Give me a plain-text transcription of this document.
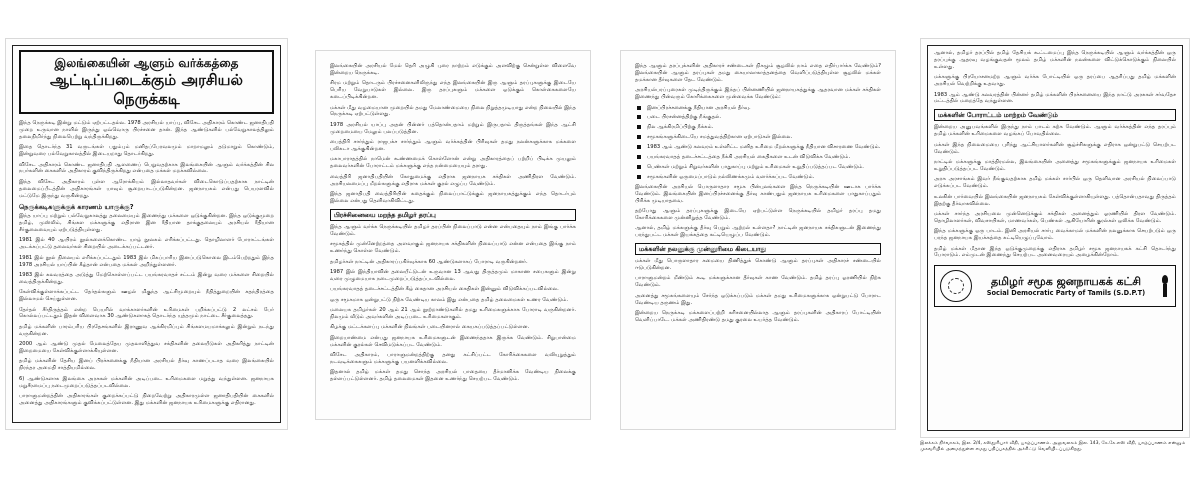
இலங்கையின் ஆளும் வர்க்கத்தை
ஆட்டிப்படைக்கும் அரசியல் நெருக்கடி

இந்த நெருக்கடி இன்று மட்டும் ஏற்பட்டதல்ல. 1978 அரசியல் யாப்பு, விசேட அதிகாரம் கொண்ட ஜனாதிபதி முறை உருவான நாளில் இருந்து ஒவ்வொரு பிரச்சனை தான். இந்த ஆண்டுகளில் பல்வேறுகாலத்திலும் தலைநிமிர்ந்து நிலைபெற்று வந்திருக்கிறது.

இதை தொடர்ந்த 31 வருடங்கள் பதும்பும் மனிதப்பேரவலமும் மாறாமலும் தடுமாறும் கொண்டும், இன்றுவரை பல்வேறுகாலத்தில் இடையறாது தொடர்கிறது.

விசேட அதிகாரம் கொண்ட ஜனாதிபதி ஆளணைப் பெறுவதற்காக இலங்கையின் ஆளும் வர்க்கத்தின் சில நபர்களின் கைகளில் அதிகாரம் குவிந்திருக்கிறது என்பதை மக்கள் மறக்கவில்லை.

இந்த விசேட அதிகாரம் புள்ள ஆரோக்கியம் இல்லாதவர்கள் விடைகொடுப்பதற்காக நாட்டின் தலைமைப்பீடத்தின் அதிகாரங்கள் யாவும் சூறையாடப்படுகின்றன. ஜனநாயகம் என்பது பெயரளவில் மட்டுமே இருந்து வருகின்றது.

நெருக்கடிகளுக்குக் காரணம் யாருக்கு?

இந்த யாப்பு மற்றும் பல்வேறுகாலத்து தலைமையும் இணைந்து மக்களை ஒடுக்குகின்றன. இந்த ஒடுக்குமுறை தமிழ், முஸ்லிம், சிங்கள மக்களுக்கு எதிரான இன ரீதியான தாக்குதலையும் அரசியல் ரீதியான சீர்குலைவையும் ஏற்படுத்தியுள்ளது.

1981 இல் 40 ஆயிரம் நூல்களைக்கொண்ட யாழ் நூலகம் எரிக்கப்பட்டது. தொழிலாளர் போராட்டங்கள் அடக்கப்பட்டு தலைவர்கள் சிறையில் அடைக்கப்பட்டனர்.

1981 இல் நூல் நிலையம் எரிக்கப்பட்டதும் 1983 இல் மிகப்பாரிய இனப்படுகொலை இடம்பெற்றதும் இந்த 1978 அரசியல் யாப்பின் கீழ்தான் என்பதை மக்கள் அறிந்துள்ளனர்.

1983 இல் கலவரத்தை அடுத்து மேற்கொள்ளப்பட்ட பயங்கரவாதச் சட்டம் இன்று வரை மக்களை சிறையில் வைத்திருக்கின்றது.

கேள்விக்குள்ளாக்கப்பட்ட தேர்தல்களும் ஊழல் மிகுந்த ஆட்சிமுறையும் நீதித்துறையின் சுதந்திரத்தை இல்லாமல் செய்துள்ளன.

தேர்தல் சீர்திருத்தம் என்ற பெயரில் வாக்காளர்களின் உரிமைகள் பறிக்கப்பட்டு 2 லட்சம் பேர் கொல்லப்பட்டதும் இதன் விளைவாக 30 ஆண்டுகளாகத் தொடர்ந்த யுத்தமும் நாட்டை சீர்குலைத்தது.

தமிழ் மக்களின் பாரம்பரிய பிரதேசங்களில் இராணுவ ஆக்கிரமிப்பும் சிங்களமயமாக்கலும் இன்றும் நடந்து வருகின்றன.

2000 ஆம் ஆண்டு முதல் மேலைத்தேய முதலாளித்துவ சக்திகளின் தலையீடுகள் அதிகரித்து நாட்டின் இறைமையை கேள்விக்குள்ளாக்கியுள்ளன.

தமிழ் மக்களின் தேசிய இனப் பிரச்சனைக்கு நீதியான அரசியல் தீர்வு காணப்படாத வரை இலங்கையில் நிரந்தர அமைதி சாத்தியமில்லை.

6) ஆண்டுகளாக இலங்கை அரசுகள் மக்களின் அடிப்படை உரிமைகளை மறுத்து வந்துள்ளன. ஜனநாயக மறுசீரமைப்பு நடைமுறைப்படுத்தப்படவில்லை.

பாராளுமன்றத்தின் அதிகாரங்கள் குறைக்கப்பட்டு நிறைவேற்று அதிகாரமுள்ள ஜனாதிபதியின் கைகளில் அனைத்து அதிகாரங்களும் குவிக்கப்பட்டுள்ளன. இது மக்களின் ஜனநாயக உரிமைகளுக்கு எதிரானது.

இலங்கையின் அரசியல் மேல் தெரி அழுகி புரை நாற்றம் எடுக்கும் அளவிற்கு சென்றுள்ள விளைவே இன்றைய நெருக்கடி.

சிரம மற்றும் தொடரும் பிரச்சனைகளிலிருந்து எந்த இலங்கையின் இரு ஆளும் தரப்புகளுக்கு இடையே பெரிய வேறுபாடுகள் இல்லை. இரு தரப்புகளும் மக்களை ஒடுக்கும் கொள்கைகளையே கடைப்பிடிக்கின்றன.

மக்கள் மீது வழமையான முறையில் தமது மேலாண்மையை நிலை நிறுத்தமுடியாது என்ற நிலையில் இந்த நெருக்கடி ஏற்பட்டுள்ளது.

1978 அரசியல் யாப்பு அதன் பின்னர் பத்தொன்பதாம் மற்றும் இருபதாம் திருத்தங்கள் இந்த ஆட்சி முறைமையை மேலும் பலப்படுத்தின.

பைத்திரி சார்ந்தும் ராஜபக்ச சார்ந்தும் ஆளும் வர்க்கத்தின் பிரிவுகள் தமது நலன்களுக்காக மக்களை பலிகடா ஆக்குகின்றன.

மகாபாராதத்தில் நாமென் கூண்ணமைக் கொள்ளோன் என்று அதிகாரத்தைப் பற்றிப் பிடிக்க முயலும் தலைவர்களின் போராட்டம் மக்களுக்கு எந்த நன்மையையும் தராது.

வைத்திரி ஜனாதிபதியின் கோதுமைக்கு எதிராக ஜனநாயக சக்திகள் அணிதிரள வேண்டும். அரசியலமைப்பு மீறல்களுக்கு எதிராக மக்கள் குரல் எழுப்ப வேண்டும்.

இந்த ஜனாதிபதி வைத்திரியின் கதைக்கும் நிலைப்பாட்டுக்கும் ஜனநாயகத்துக்கும் எந்த தொடர்பும் இல்லை என்பது தெளிவாகிவிட்டது.

பிரச்சினையை மறந்த தமிழர் தரப்பு

இந்த ஆளும் வர்க்க நெருக்கடியில் தமிழர் தரப்பின் நிலைப்பாடு என்ன என்பதையும் நாம் இங்கு பார்க்க வேண்டும்.

சமூகத்தில் முன்னேற்றத்தை அளவாகும் ஜனநாயக சக்திகளின் நிலைப்பாடு என்ன என்பதை இங்கு நாம் உணர்ந்து கொள்ள வேண்டும்.

தமிழர்கள் நாட்டின் அதிகாரப்பகிர்வுக்காக 60 ஆண்டுகளாகப் போராடி வருகின்றனர்.

1987 இல் இந்தியாவின் தலையீட்டுடன் உருவான 13 ஆவது திருத்தமும் மாகாண சபைகளும் இன்று வரை முழுமையாக நடைமுறைப்படுத்தப்படவில்லை.

பயங்கரவாதத் தடைச்சட்டத்தின் கீழ் கைதான அரசியல் கைதிகள் இன்னும் விடுவிக்கப்படவில்லை.

ஒரு சமூகமாக ஒன்றுபட்டு நிற்க வேண்டிய காலம் இது என்பதை தமிழ் தலைமைகள் உணர வேண்டும்.

மலையக தமிழர்கள் 20 ஆம் 21 ஆம் நூற்றாண்டுகளில் தமது உரிமைகளுக்காக போராடி வருகின்றனர். நிலமும் வீடும் அவர்களின் அடிப்படை உரிமைகளாகும்.

கிழக்கு மட்டக்களப்பு மக்களின் நிலங்கள் படையினரால் கையகப்படுத்தப்பட்டுள்ளன.

இறையாண்மை என்பது ஜனநாயக உரிமைகளுடன் இணைந்ததாக இருக்க வேண்டும். சிறுபான்மை மக்களின் குரல்கள் செவிமடுக்கப்பட வேண்டும்.

விசேட அதிகாரம், பாராளுமன்றத்திற்கு தனது கட்சிப்பட்ட கோரிக்கைகளை வலியுறுத்தும் நடவடிக்கைகளும் மக்களுக்கு பயனளிக்கவில்லை.

இதனால் தமிழ் மக்கள் தமது சொந்த அரசியல் பாதையை தீர்மானிக்க வேண்டிய நிலைக்கு தள்ளப்பட்டுள்ளனர். தமிழ் தலைமைகள் இதனை உணர்ந்து செயற்பட வேண்டும்.

இந்த ஆளும் தரப்புக்களின் அதிகாரச் சண்டைகள் நிகழும் சூழலில் நாம் எதை எதிர்பார்க்க வேண்டும்? இலங்கையின் ஆளும் தரப்புகள் தமது கையாலாகாத்தனத்தை வெளிப்படுத்தியுள்ள சூழலில் மக்கள் தமக்கான தீர்வுகளை தேட வேண்டும்.

அரசியல்பரப்புரைகள் முடிந்திருக்கும் இந்தப் பின்னணியில் ஜனநாயகத்துக்கு ஆதரவான மக்கள் சக்திகள் இணைந்து பின்வரும் கோரிக்கைகளை முன்வைக்க வேண்டும்:

இனப்பிரச்சனைக்கு நீதியான அரசியல் தீர்வு.
படை பிரசன்னத்திற்கு நீங்குதல்.
நில ஆக்கிரமிப்பிற்கு நீக்கம்.
சமூகங்களுக்கிடையே சமத்துவத்திற்கான ஏற்பாடுகள் இல்லை.
1983 ஆம் ஆண்டு கலவரம் உள்ளிட்ட மனித உரிமை மீறல்களுக்கு நீதியான விசாரணை வேண்டும்.
பயங்கரவாதத் தடைச்சட்டத்தை நீக்கி அரசியல் கைதிகளை உடன் விடுவிக்க வேண்டும்.
பெண்கள் மற்றும் சிறுவர்களின் பாதுகாப்பு மற்றும் உரிமைகள் உறுதிப்படுத்தப்பட வேண்டும்.
சமூகங்களின் ஒருமைப்பாடும் நல்லிணக்கமும் வளர்க்கப்பட வேண்டும்.

இலங்கையின் அரசியல் பொருளாதார சமூக பின்புலங்களை இந்த நெருக்கடியின் ஊடாக பார்க்க வேண்டும். இலங்கையின் இனப்பிரச்சனைக்கு தீர்வு காண்பதும் ஜனநாயக உரிமைகளை பாதுகாப்பதும் பிரிக்க முடியாதவை.

தற்போது ஆளும் தரப்புகளுக்கு இடையே ஏற்பட்டுள்ள நெருக்கடியில் தமிழர் தரப்பு தமது கோரிக்கைகளை முன்னிறுத்த வேண்டும்.

ஆனால், தமிழ் மக்களுக்கு தீர்வு பெறும் ஆற்றல் உள்ளதா? நாட்டின் ஜனநாயக சக்திகளுடன் இணைந்து பரந்துபட்ட மக்கள் இயக்கத்தை கட்டியெழுப்ப வேண்டும்.

மக்களின் நலனுக்கு முன்னுரிமை கிடையாது

மக்கள் மீது பொருளாதார சுமையை திணித்துக் கொண்டு ஆளும் தரப்புகள் அதிகாரச் சண்டையில் ஈடுபடுகின்றன.

பாராளுமன்றம் மீண்டும் கூடி மக்களுக்கான தீர்வுகள் காண வேண்டும். தமிழ் தரப்பு ஓரணியில் நிற்க வேண்டும்.

அனைத்து சமூகங்களையும் சேர்ந்த ஒடுக்கப்படும் மக்கள் தமது உரிமைகளுக்காக ஒன்றுபட்டு போராட வேண்டிய தருணம் இது.

இன்றைய நெருக்கடி மக்களைப்பற்றி கரிசனையில்லாத ஆளும் தரப்புகளின் அதிகாரப் போட்டியின் வெளிப்பாடே. மக்கள் அணிதிரண்டு தமது குரலை உயர்த்த வேண்டும்.

ஆனால், தமிழர் தரப்பில் தமிழ் தேசியக் கூட்டமைப்பு இந்த நெருக்கடியில் ஆளும் வர்க்கத்தின் ஒரு தரப்புக்கு ஆதரவு வழங்குவதன் மூலம் தமிழ் மக்களின் நலன்களை விட்டுக்கொடுக்கும் நிலையில் உள்ளது.

மக்களுக்கு பிரயோசனமற்ற ஆளும் வர்க்க போட்டியில் ஒரு தரப்பை ஆதரிப்பது தமிழ் மக்களின் அரசியல் வெற்றிக்கு உதவாது.

1983 ஆம் ஆண்டு கலவரத்தின் பின்னர் தமிழ் மக்களின் பிரச்சனையை இந்த நாட்டு அரசுகள் சர்வதேச மட்டத்தில் மறைத்தே வந்துள்ளன.

மக்களின் போராட்டம் மாற்றம் வேண்டும்

இன்றைய அனுபவங்களில் இருந்து நாம் பாடம் கற்க வேண்டும். ஆளும் வர்க்கத்தின் எந்த தரப்பும் தமிழ் மக்களின் உரிமைகளை வழங்கப் போவதில்லை.

மக்கள் இந்த நிலைமையை புரிந்து ஆட்சியாளர்களின் சூழ்ச்சிகளுக்கு எதிராக ஒன்றுபட்டு செயற்பட வேண்டும்.

நாட்டில் மக்களுக்கு மாத்திரமல்ல, இலங்கையின் அனைத்து சமூகங்களுக்கும் ஜனநாயக உரிமைகள் உறுதிப்படுத்தப்பட வேண்டும்.

அரசு அரசாங்கம் இவர் நீங்குவதற்காக தமிழ் மக்கள் சார்பில் ஒரு தெளிவான அரசியல் நிலைப்பாடு எடுக்கப்பட வேண்டும்.

உலகின் பார்வையில் இலங்கையின் ஜனநாயகம் கேள்விக்குள்ளாகியுள்ளது. பத்தொன்பதாவது திருத்தம் இதற்கு தீர்வாகவில்லை.

மக்கள் சார்ந்த அரசியலை முன்னெடுக்கும் சக்திகள் அனைத்தும் ஓரணியில் திரள வேண்டும். தொழிலாளர்கள், விவசாயிகள், மாணவர்கள், பெண்கள் ஆகியோரின் குரல்கள் ஒலிக்க வேண்டும்.

இந்த மக்களுக்கு ஒரு பாடம். இனி அரசியல் சார்பு வைக்காமல் மக்களின் நலனுக்காக செயற்படும் ஒரு பரந்த ஜனநாயக இயக்கத்தை கட்டியெழுப்புவோம்.

தமிழ் மக்கள் மீதான இந்த ஒடுக்குமுறைக்கு எதிராக தமிழர் சமூக ஜனநாயகக் கட்சி தொடர்ந்து போராடும். எம்முடன் இணைந்து செயற்பட அனைவரையும் அழைக்கின்றோம்.

தமிழர் சமூக ஜனநாயகக் கட்சி
Social Democratic Party of Tamils (S.D.P.T)
இலக்கம் நிர்வாகம், இல. 2/4, கஸ்தூரியார் வீதி, யாழ்ப்பாணம். அலுவலகம் இல. 143, கே.கே.எஸ் வீதி, யாழ்ப்பாணம் என்னும் முகவரியில் அமைந்துள்ள எமது பதிப்பகத்தில் அச்சிட்டு வெளியிடப்படுகிறது.
